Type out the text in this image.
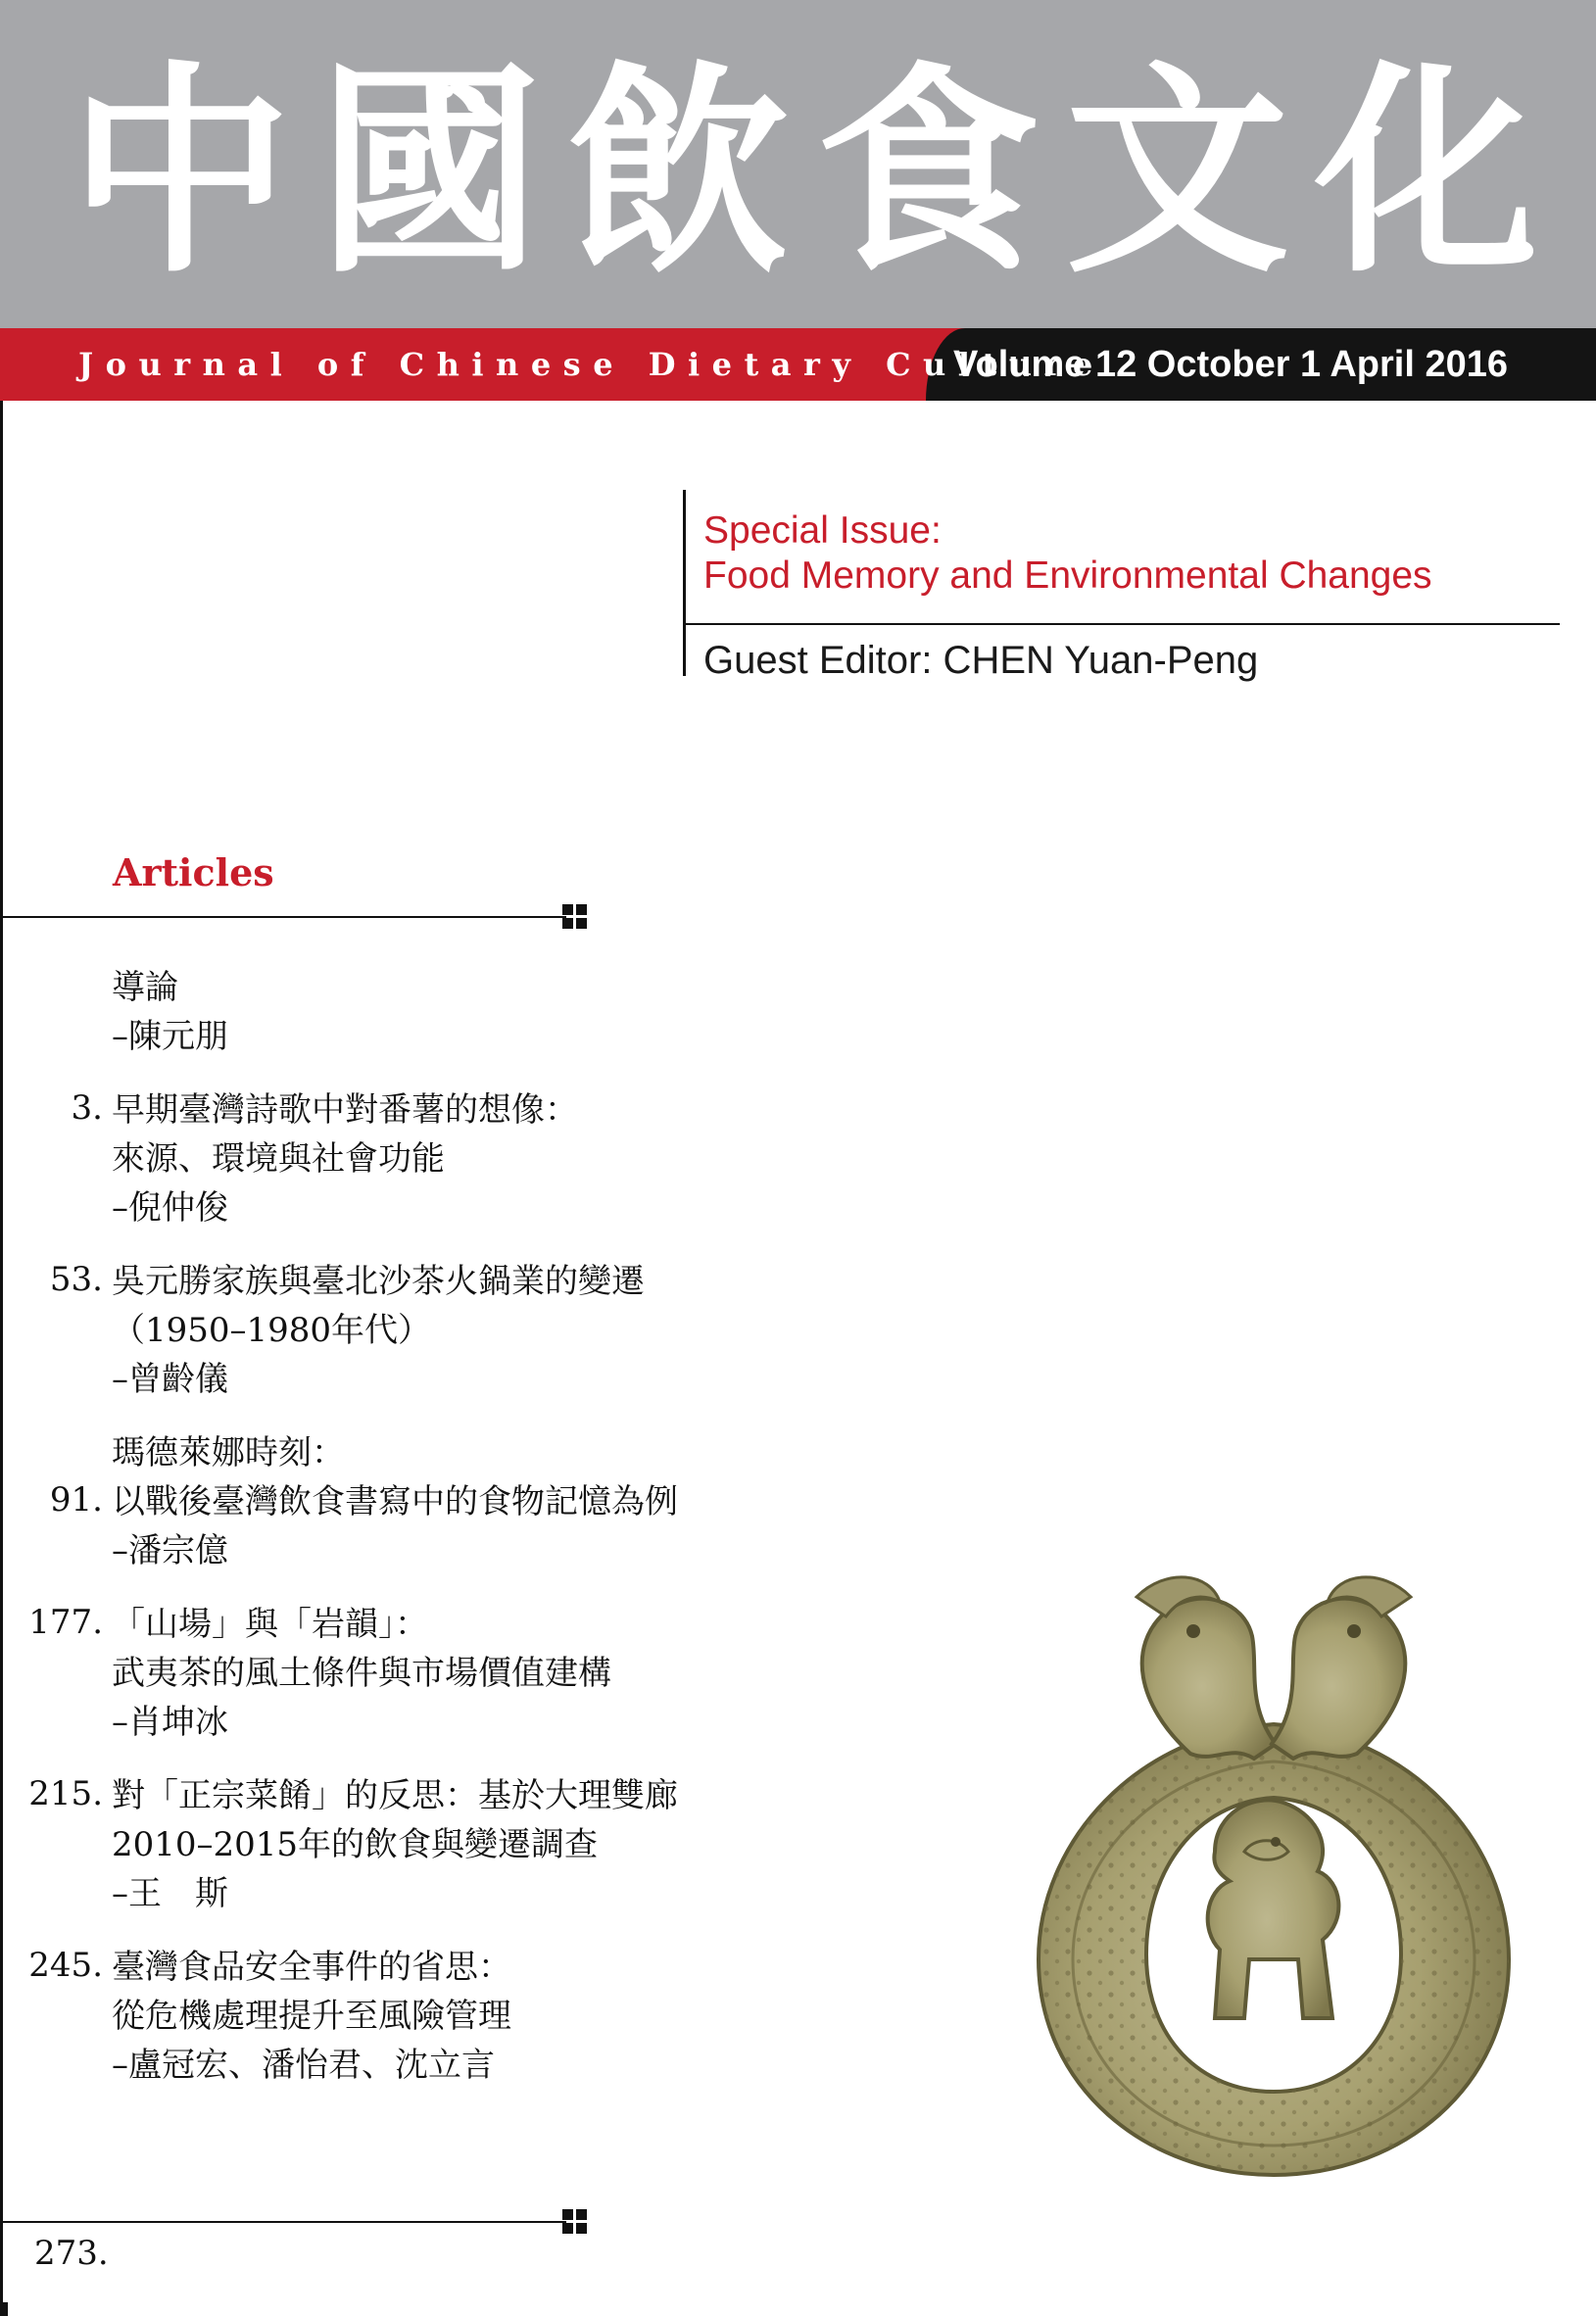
中 國 飲 食 文 化
Journal of Chinese Dietary Culture
Volume 12 October 1 April 2016
Special Issue:
Food Memory and Environmental Changes
Guest Editor: CHEN Yuan-Peng
Articles
導論
–陳元朋
3. 早期臺灣詩歌中對番薯的想像：
來源、環境與社會功能
–倪仲俊
53. 吳元勝家族與臺北沙茶火鍋業的變遷
（1950–1980年代）
–曾齡儀
91.
瑪德萊娜時刻：
以戰後臺灣飲食書寫中的食物記憶為例
–潘宗億
177. 「山場」與「岩韻」：
武夷茶的風土條件與市場價值建構
–肖坤冰
215. 對「正宗菜餚」的反思：基於大理雙廊
2010–2015年的飲食與變遷調查
–王　斯
245. 臺灣食品安全事件的省思：
從危機處理提升至風險管理
–盧冠宏、潘怡君、沈立言
273.
